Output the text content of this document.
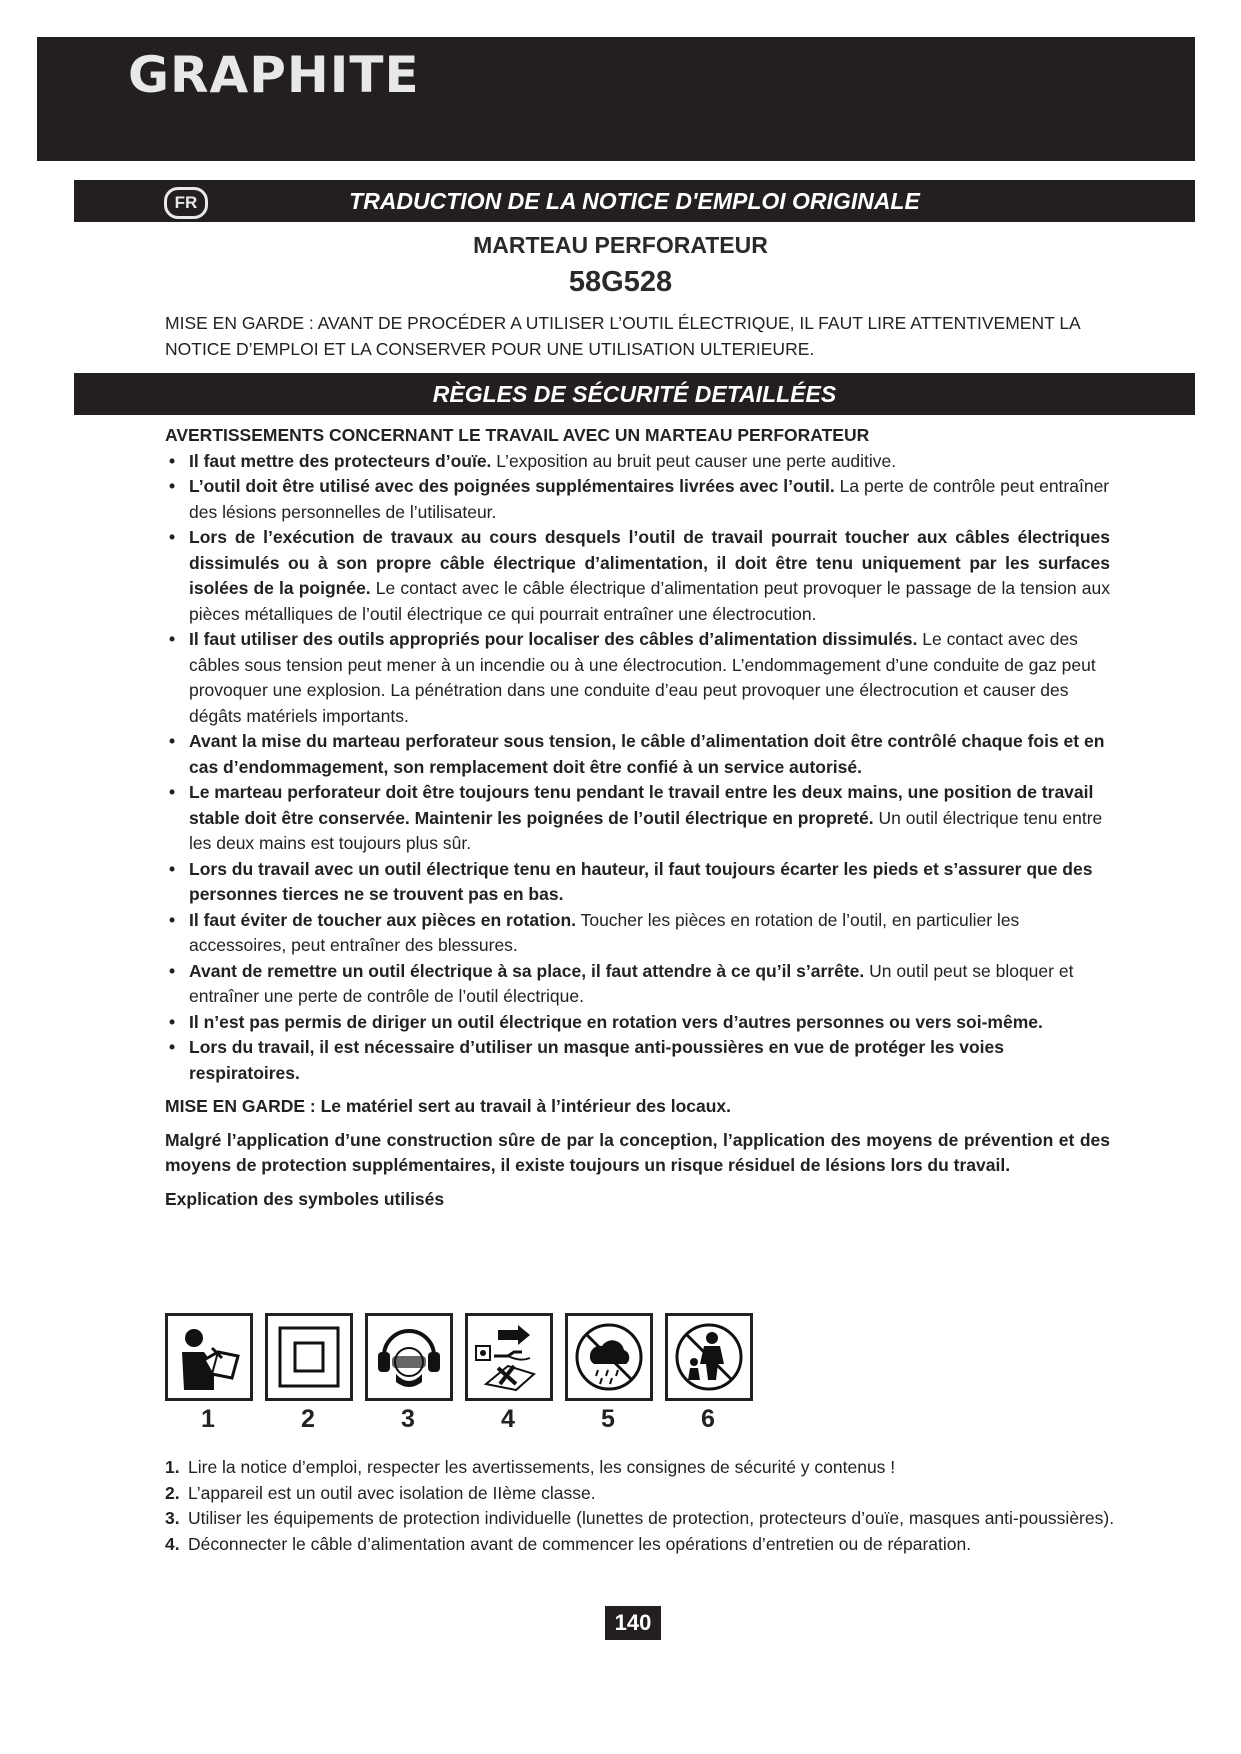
GRAPHITE
FR	TRADUCTION DE LA NOTICE D'EMPLOI ORIGINALE
MARTEAU PERFORATEUR
58G528
MISE EN GARDE : AVANT DE PROCÉDER A UTILISER L’OUTIL ÉLECTRIQUE, IL FAUT LIRE ATTENTIVEMENT LA NOTICE D’EMPLOI ET LA CONSERVER POUR UNE UTILISATION ULTERIEURE.
RÈGLES DE SÉCURITÉ DETAILLÉES
AVERTISSEMENTS CONCERNANT LE TRAVAIL AVEC UN MARTEAU PERFORATEUR
• Il faut mettre des protecteurs d’ouïe. L’exposition au bruit peut causer une perte auditive.
• L’outil doit être utilisé avec des poignées supplémentaires livrées avec l’outil. La perte de contrôle peut entraîner des lésions personnelles de l’utilisateur.
• Lors de l’exécution de travaux au cours desquels l’outil de travail pourrait toucher aux câbles électriques dissimulés ou à son propre câble électrique d’alimentation, il doit être tenu uniquement par les surfaces isolées de la poignée. Le contact avec le câble électrique d’alimentation peut provoquer le passage de la tension aux pièces métalliques de l’outil électrique ce qui pourrait entraîner une électrocution.
• Il faut utiliser des outils appropriés pour localiser des câbles d’alimentation dissimulés. Le contact avec des câbles sous tension peut mener à un incendie ou à une électrocution. L’endommagement d’une conduite de gaz peut provoquer une explosion. La pénétration dans une conduite d’eau peut provoquer une électrocution et causer des dégâts matériels importants.
• Avant la mise du marteau perforateur sous tension, le câble d’alimentation doit être contrôlé chaque fois et en cas d’endommagement, son remplacement doit être confié à un service autorisé.
• Le marteau perforateur doit être toujours tenu pendant le travail entre les deux mains, une position de travail stable doit être conservée. Maintenir les poignées de l’outil électrique en propreté. Un outil électrique tenu entre les deux mains est toujours plus sûr.
• Lors du travail avec un outil électrique tenu en hauteur, il faut toujours écarter les pieds et s’assurer que des personnes tierces ne se trouvent pas en bas.
• Il faut éviter de toucher aux pièces en rotation. Toucher les pièces en rotation de l’outil, en particulier les accessoires, peut entraîner des blessures.
• Avant de remettre un outil électrique à sa place, il faut attendre à ce qu’il s’arrête. Un outil peut se bloquer et entraîner une perte de contrôle de l’outil électrique.
• Il n’est pas permis de diriger un outil électrique en rotation vers d’autres personnes ou vers soi-même.
• Lors du travail, il est nécessaire d’utiliser un masque anti-poussières en vue de protéger les voies respiratoires.
MISE EN GARDE : Le matériel sert au travail à l’intérieur des locaux.
Malgré l’application d’une construction sûre de par la conception, l’application des moyens de prévention et des moyens de protection supplémentaires, il existe toujours un risque résiduel de lésions lors du travail.
Explication des symboles utilisés
1	2	3	4	5	6
1. Lire la notice d’emploi, respecter les avertissements, les consignes de sécurité y contenus !
2. L’appareil est un outil avec isolation de IIème classe.
3. Utiliser les équipements de protection individuelle (lunettes de protection, protecteurs d’ouïe, masques anti-poussières).
4. Déconnecter le câble d’alimentation avant de commencer les opérations d’entretien ou de réparation.
140
